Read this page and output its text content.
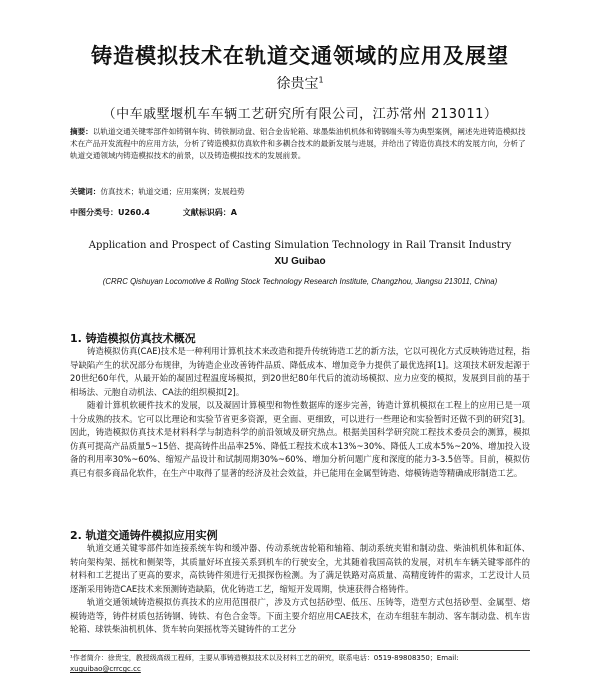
铸造模拟技术在轨道交通领域的应用及展望
徐贵宝$^1$
（中车戚墅堰机车车辆工艺研究所有限公司，江苏常州 213011）

摘要：以轨道交通关键零部件如铸钢车钩、铸铁制动盘、铝合金齿轮箱、球墨柴油机机体和铸钢端头等为典型案例，阐述先进铸造模拟技术在产品开发流程中的应用方法，分析了铸造模拟仿真软件和多耦合技术的最新发展与进展，并给出了铸造仿真技术的发展方向，分析了轨道交通领域内铸造模拟技术的前景，以及铸造模拟技术的发展前景。

关键词：仿真技术；轨道交通；应用案例；发展趋势

中图分类号：U260.4	文献标识码：A
Application and Prospect of Casting Simulation Technology in Rail Transit Industry
XU Guibao
(CRRC Qishuyan Locomotive & Rolling Stock Technology Research Institute, Changzhou, Jiangsu 213011, China)
1. 铸造模拟仿真技术概况

铸造模拟仿真(CAE)技术是一种利用计算机技术来改造和提升传统铸造工艺的新方法，它以可视化方式反映铸造过程，指导缺陷产生的状况部分布规律，为铸造企业改善铸件品质、降低成本、增加竞争力提供了最优选择[1]。这项技术研发起源于20世纪60年代，从最开始的凝固过程温度场模拟，到20世纪80年代后的流动场模拟、应力应变的模拟，发展到目前的基于相场法、元胞自动机法、CA法的组织模拟[2]。

随着计算机软硬件技术的发展，以及凝固计算模型和物性数据库的逐步完善，铸造计算机模拟在工程上的应用已是一项十分成熟的技术。它可以比理论和实验节省更多资源，更全面、更细致，可以进行一些理论和实验暂时还做不到的研究[3]。因此，铸造模拟仿真技术是材料科学与制造科学的前沿领域及研究热点。根据美国科学研究院工程技术委员会的测算，模拟仿真可提高产品质量5~15倍、提高铸件出品率25%、降低工程技术成本13%~30%、降低人工成本5%~20%、增加投入设备的利用率30%~60%、缩短产品设计和试制周期30%~60%、增加分析问题广度和深度的能力3-3.5倍等。目前，模拟仿真已有很多商品化软件，在生产中取得了显著的经济及社会效益，并已能用在金属型铸造、熔模铸造等精确成形制造工艺。

2. 轨道交通铸件模拟应用实例

轨道交通关键零部件如连接系统车钩和缓冲器、传动系统齿轮箱和轴箱、制动系统夹钳和制动盘、柴油机机体和缸体、转向架构架、摇枕和侧架等，其质量好坏直接关系到机车的行驶安全，尤其随着我国高铁的发展，对机车车辆关键零部件的材料和工艺提出了更高的要求，高铁铸件须进行无损探伤检测。为了满足铁路对高质量、高精度铸件的需求，工艺设计人员逐渐采用铸造CAE技术来预测铸造缺陷，优化铸造工艺，缩短开发周期，快速获得合格铸件。

轨道交通领域铸造模拟仿真技术的应用范围很广，涉及方式包括砂型、低压、压铸等，造型方式包括砂型、金属型、熔模铸造等，铸件材质包括铸钢、铸铁、有色合金等。下面主要介绍应用CAE技术，在动车组驻车制动、客车制动盘、机车齿轮箱、球铁柴油机机体、货车转向架摇枕等关键铸件的工艺分

¹作者简介：徐贵宝，教授级高级工程师，主要从事铸造模拟技术以及材料工艺的研究，联系电话：0519-89808350；Email: xuguibao@crrcgc.cc
